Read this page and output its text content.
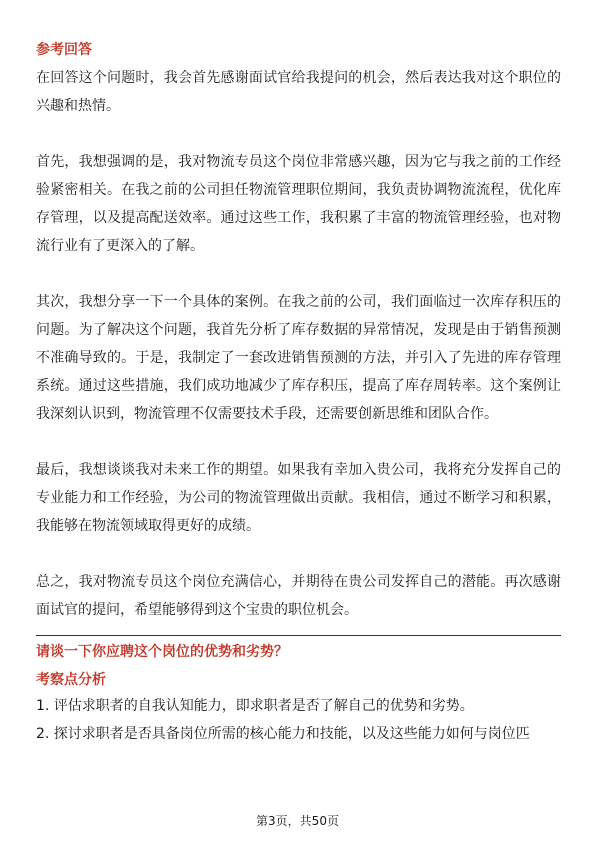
参考回答

在回答这个问题时，我会首先感谢面试官给我提问的机会，然后表达我对这个职位的兴趣和热情。

首先，我想强调的是，我对物流专员这个岗位非常感兴趣，因为它与我之前的工作经验紧密相关。在我之前的公司担任物流管理职位期间，我负责协调物流流程，优化库存管理，以及提高配送效率。通过这些工作，我积累了丰富的物流管理经验，也对物流行业有了更深入的了解。

其次，我想分享一下一个具体的案例。在我之前的公司，我们面临过一次库存积压的问题。为了解决这个问题，我首先分析了库存数据的异常情况，发现是由于销售预测不准确导致的。于是，我制定了一套改进销售预测的方法，并引入了先进的库存管理系统。通过这些措施，我们成功地减少了库存积压，提高了库存周转率。这个案例让我深刻认识到，物流管理不仅需要技术手段，还需要创新思维和团队合作。

最后，我想谈谈我对未来工作的期望。如果我有幸加入贵公司，我将充分发挥自己的专业能力和工作经验，为公司的物流管理做出贡献。我相信，通过不断学习和积累，我能够在物流领域取得更好的成绩。

总之，我对物流专员这个岗位充满信心，并期待在贵公司发挥自己的潜能。再次感谢面试官的提问，希望能够得到这个宝贵的职位机会。

请谈一下你应聘这个岗位的优势和劣势？

考察点分析

1. 评估求职者的自我认知能力，即求职者是否了解自己的优势和劣势。

2. 探讨求职者是否具备岗位所需的核心能力和技能，以及这些能力如何与岗位匹

第3页，共50页
